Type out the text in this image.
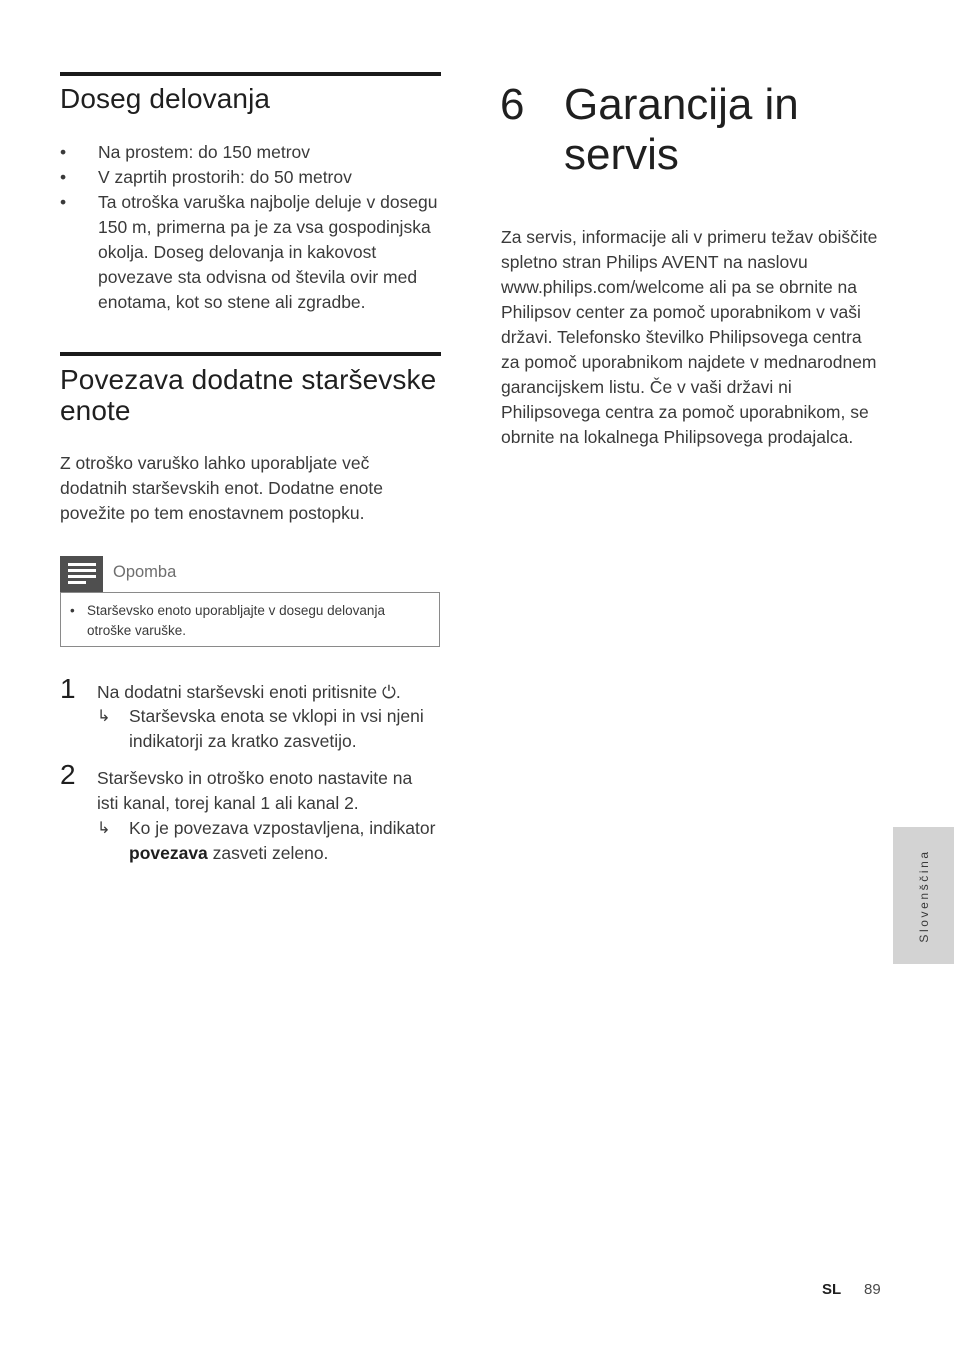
Doseg delovanja
• Na prostem: do 150 metrov
• V zaprtih prostorih: do 50 metrov
• Ta otroška varuška najbolje deluje v dosegu 150 m, primerna pa je za vsa gospodinjska okolja. Doseg delovanja in kakovost povezave sta odvisna od števila ovir med enotama, kot so stene ali zgradbe.
Povezava dodatne starševske enote

Z otroško varuško lahko uporabljate več dodatnih starševskih enot. Dodatne enote povežite po tem enostavnem postopku.

Opomba
• Starševsko enoto uporabljajte v dosegu delovanja otroške varuške.

1 Na dodatni starševski enoti pritisnite ⏻.

↳ Starševska enota se vklopi in vsi njeni indikatorji za kratko zasvetijo.

2 Starševsko in otroško enoto nastavite na isti kanal, torej kanal 1 ali kanal 2.

↳ Ko je povezava vzpostavljena, indikator
povezava zasveti zeleno.

6 Garancija in servis

Za servis, informacije ali v primeru težav obiščite spletno stran Philips AVENT na naslovu www.philips.com/welcome ali pa se obrnite na Philipsov center za pomoč uporabnikom v vaši državi. Telefonsko številko Philipsovega centra za pomoč uporabnikom najdete v mednarodnem garancijskem listu. Če v vaši državi ni Philipsovega centra za pomoč uporabnikom, se obrnite na lokalnega Philipsovega prodajalca.

Slovenščina
SL 89
